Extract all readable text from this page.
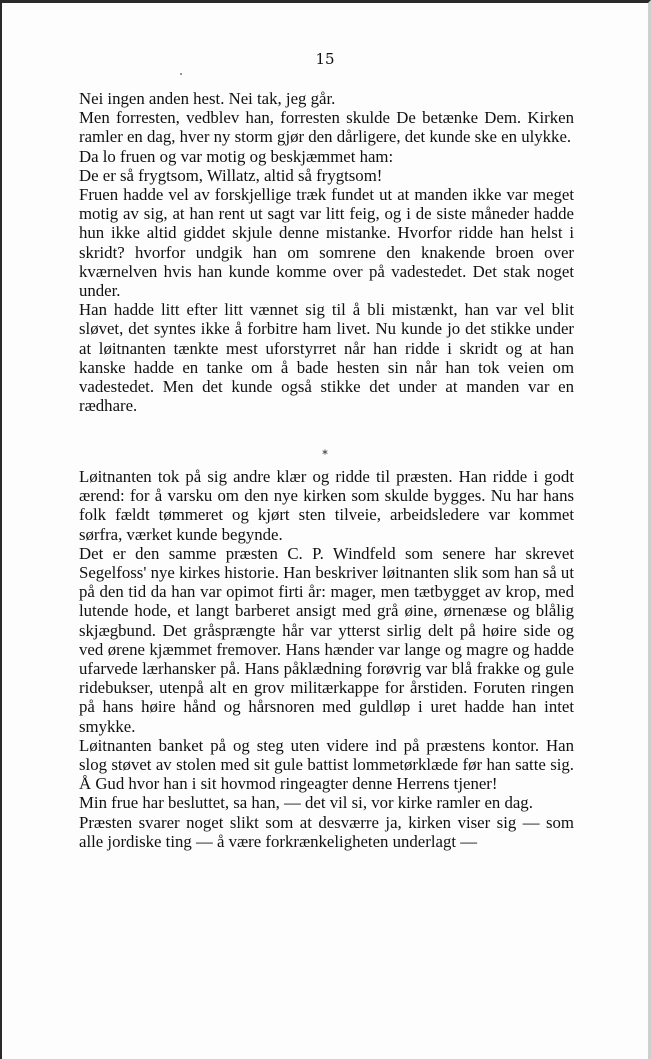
15

Nei ingen anden hest. Nei tak, jeg går.

Men forresten, vedblev han, forresten skulde De betænke Dem. Kirken ramler en dag, hver ny storm gjør den dårligere, det kunde ske en ulykke.

Da lo fruen og var motig og beskjæmmet ham:

De er så frygtsom, Willatz, altid så frygtsom!

Fruen hadde vel av forskjellige træk fundet ut at manden ikke var meget motig av sig, at han rent ut sagt var litt feig, og i de siste måneder hadde hun ikke altid giddet skjule denne mistanke. Hvorfor ridde han helst i skridt? hvorfor undgik han om somrene den knakende broen over kværnelven hvis han kunde komme over på vadestedet. Det stak noget under.

Han hadde litt efter litt vænnet sig til å bli mistænkt, han var vel blit sløvet, det syntes ikke å forbitre ham livet. Nu kunde jo det stikke under at løitnanten tænkte mest uforstyrret når han ridde i skridt og at han kanske hadde en tanke om å bade hesten sin når han tok veien om vadestedet. Men det kunde også stikke det under at manden var en rædhare.

*

Løitnanten tok på sig andre klær og ridde til præsten. Han ridde i godt ærend: for å varsku om den nye kirken som skulde bygges. Nu har hans folk fældt tømmeret og kjørt sten tilveie, arbeidsledere var kommet sørfra, værket kunde begynde.

Det er den samme præsten C. P. Windfeld som senere har skrevet Segelfoss' nye kirkes historie. Han beskriver løitnanten slik som han så ut på den tid da han var opimot firti år: mager, men tætbygget av krop, med lutende hode, et langt barberet ansigt med grå øine, ørnenæse og blålig skjægbund. Det gråsprængte hår var ytterst sirlig delt på høire side og ved ørene kjæmmet fremover. Hans hænder var lange og magre og hadde ufarvede lærhansker på. Hans påklædning forøvrig var blå frakke og gule ridebukser, utenpå alt en grov militærkappe for årstiden. Foruten ringen på hans høire hånd og hårsnoren med guldløp i uret hadde han intet smykke.

Løitnanten banket på og steg uten videre ind på præstens kontor. Han slog støvet av stolen med sit gule battist lommetørklæde før han satte sig. Å Gud hvor han i sit hovmod ringeagter denne Herrens tjener!

Min frue har besluttet, sa han, — det vil si, vor kirke ramler en dag.

Præsten svarer noget slikt som at desværre ja, kirken viser sig — som alle jordiske ting — å være forkrænkeligheten underlagt —
